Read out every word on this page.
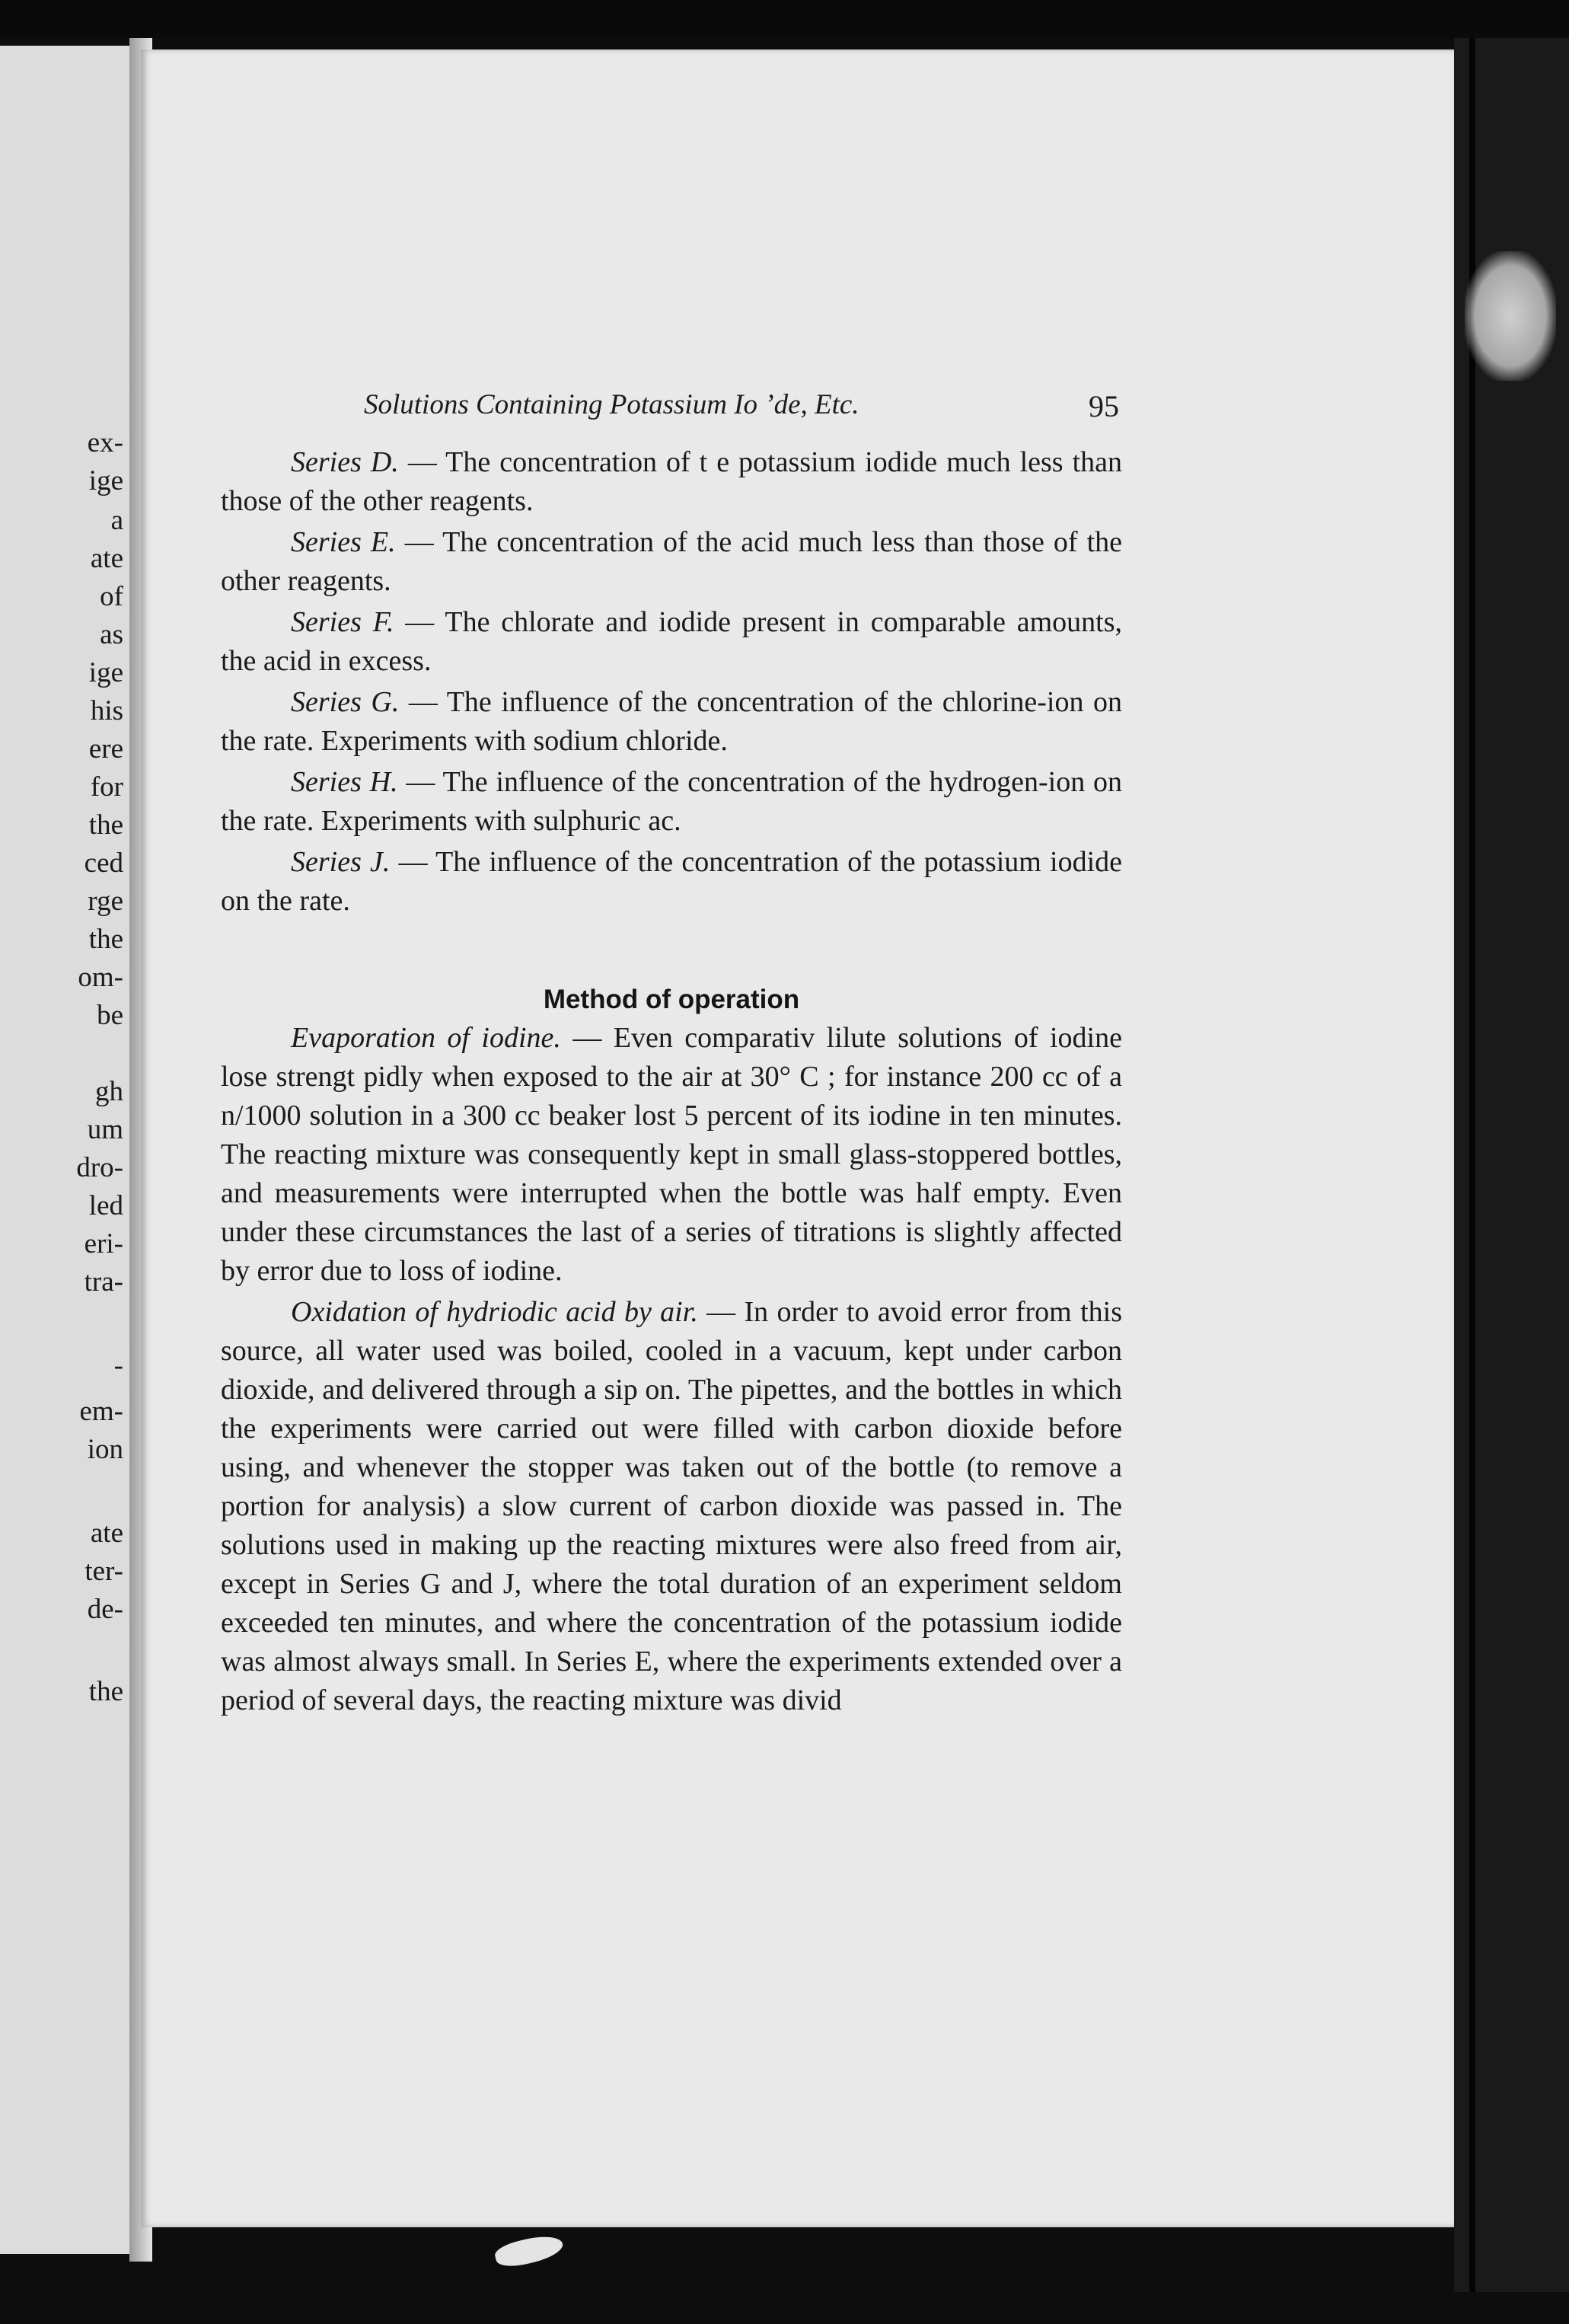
ex-
ige
a
ate
of
as
ige
his
ere
for
the
ced
rge
the
om-
be
gh
um
dro-
led
eri-
tra-
-
em-
ion
ate
ter-
de-
the
Solutions Containing Potassium Io ’de, Etc.	95

Series D. — The concentration of t e potassium iodide much less than those of the other reagents.

Series E. — The concentration of the acid much less than those of the other reagents.

Series F. — The chlorate and iodide present in comparable amounts, the acid in excess.

Series G. — The influence of the concentration of the chlorine-ion on the rate. Experiments with sodium chloride.

Series H. — The influence of the concentration of the hydrogen-ion on the rate. Experiments with sulphuric ac.

Series J. — The influence of the concentration of the potassium iodide on the rate.

Method of operation

Evaporation of iodine. — Even comparativ lilute solutions of iodine lose strengt pidly when exposed to the air at 30° C ; for instance 200 cc of a n/1000 solution in a 300 cc beaker lost 5 percent of its iodine in ten minutes. The reacting mixture was consequently kept in small glass-stoppered bottles, and measurements were interrupted when the bottle was half empty. Even under these circumstances the last of a series of titrations is slightly affected by error due to loss of iodine.

Oxidation of hydriodic acid by air. — In order to avoid error from this source, all water used was boiled, cooled in a vacuum, kept under carbon dioxide, and delivered through a sip on. The pipettes, and the bottles in which the experiments were carried out were filled with carbon dioxide before using, and whenever the stopper was taken out of the bottle (to remove a portion for analysis) a slow current of carbon dioxide was passed in. The solutions used in making up the reacting mixtures were also freed from air, except in Series G and J, where the total duration of an experiment seldom exceeded ten minutes, and where the concentration of the potassium iodide was almost always small. In Series E, where the experiments extended over a period of several days, the reacting mixture was divid
